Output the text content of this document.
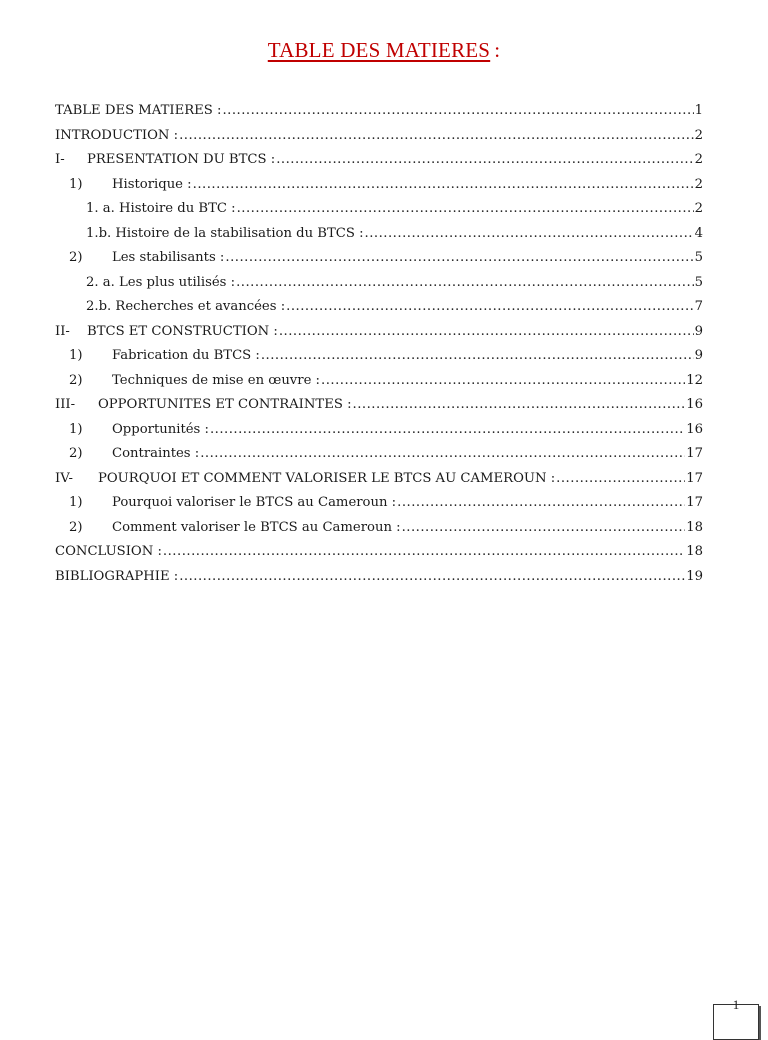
TABLE DES MATIERES :
TABLE DES MATIERES : .....	1
INTRODUCTION : .....	2
I-	PRESENTATION DU BTCS : .....	2
1)	Historique : .....	2
1. a. Histoire du BTC : .....	2
1.b. Histoire de la stabilisation du BTCS : .....	4
2)	Les stabilisants : .....	5
2. a. Les plus utilisés : .....	5
2.b. Recherches et avancées : .....	7
II-	BTCS ET CONSTRUCTION : .....	9
1)	Fabrication du BTCS : .....	9
2)	Techniques de mise en œuvre : .....	12
III-	OPPORTUNITES ET CONTRAINTES : .....	16
1)	Opportunités : .....	16
2)	Contraintes : .....	17
IV-	POURQUOI ET COMMENT VALORISER LE BTCS AU CAMEROUN : .....	17
1)	Pourquoi valoriser le BTCS au Cameroun : .....	17
2)	Comment valoriser le BTCS au Cameroun : .....	18
CONCLUSION : .....	18
BIBLIOGRAPHIE : .....	19
1
